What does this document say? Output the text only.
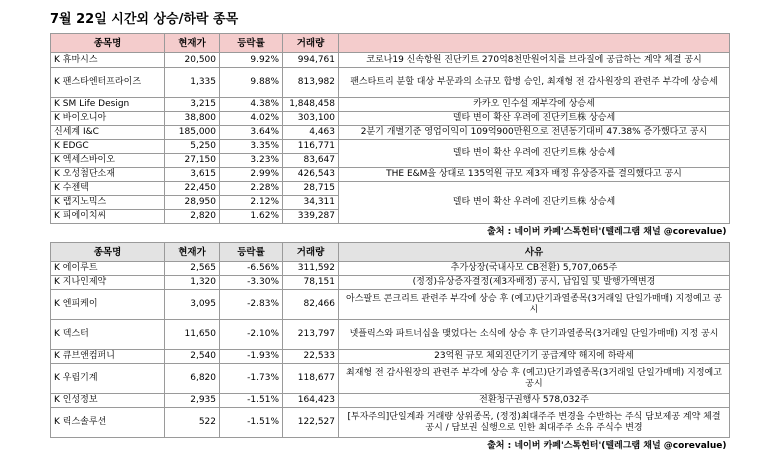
7월 22일 시간외 상승/하락 종목
종목명	현재가	등락률	거래량	
K 휴마시스	20,500	9.92%	994,761	코로나19 신속항원 진단키트 270억8천만원어치를 브라질에 공급하는 계약 체결 공시
K 팬스타엔터프라이즈	1,335	9.88%	813,982	팬스타트리 분할 대상 부문과의 소규모 합병 승인, 최재형 전 감사원장의 관련주 부각에 상승세
K SM Life Design	3,215	4.38%	1,848,458	카카오 인수설 재부각에 상승세
K 바이오니아	38,800	4.02%	303,100	델타 변이 확산 우려에 진단키트株 상승세
신세계 I&C	185,000	3.64%	4,463	2분기 개별기준 영업이익이 109억900만원으로 전년동기대비 47.38% 증가했다고 공시
K EDGC	5,250	3.35%	116,771	델타 변이 확산 우려에 진단키트株 상승세
K 엑세스바이오	27,150	3.23%	83,647	
K 오성첨단소재	3,615	2.99%	426,543	THE E&M을 상대로 135억원 규모 제3자 배정 유상증자를 결의했다고 공시
K 수젠텍	22,450	2.28%	28,715	델타 변이 확산 우려에 진단키트株 상승세
K 랩지노믹스	28,950	2.12%	34,311	
K 피에이치씨	2,820	1.62%	339,287	
출처 : 네이버 카페'스톡헌터'(텔레그램 채널 @corevalue)				
종목명	현재가	등락률	거래량	사유
K 에이루트	2,565	-6.56%	311,592	추가상장(국내사모 CB전환) 5,707,065주
K 지나인제약	1,320	-3.30%	78,151	(정정)유상증자결정(제3자배정) 공시, 납입일 및 발행가액변경
K 엔피케이	3,095	-2.83%	82,466	아스팔트 콘크리트 관련주 부각에 상승 후 (예고)단기과열종목(3거래일 단일가매매) 지정예고 공시
K 덱스터	11,650	-2.10%	213,797	넷플릭스와 파트너십을 맺었다는 소식에 상승 후 단기과열종목(3거래일 단일가매매) 지정 공시
K 큐브앤컴퍼니	2,540	-1.93%	22,533	23억원 규모 체외진단기기 공급계약 해지에 하락세
K 우림기계	6,820	-1.73%	118,677	최재형 전 감사원장의 관련주 부각에 상승 후 (예고)단기과열종목(3거래일 단일가매매) 지정예고 공시
K 인성정보	2,935	-1.51%	164,423	전환청구권행사 578,032주
K 릭스솔루션	522	-1.51%	122,527	[투자주의]단일계좌 거래량 상위종목, (정정)최대주주 변경을 수반하는 주식 담보제공 계약 체결 공시 / 담보권 실행으로 인한 최대주주 소유 주식수 변경
출처 : 네이버 카페'스톡헌터'(텔레그램 채널 @corevalue)				
